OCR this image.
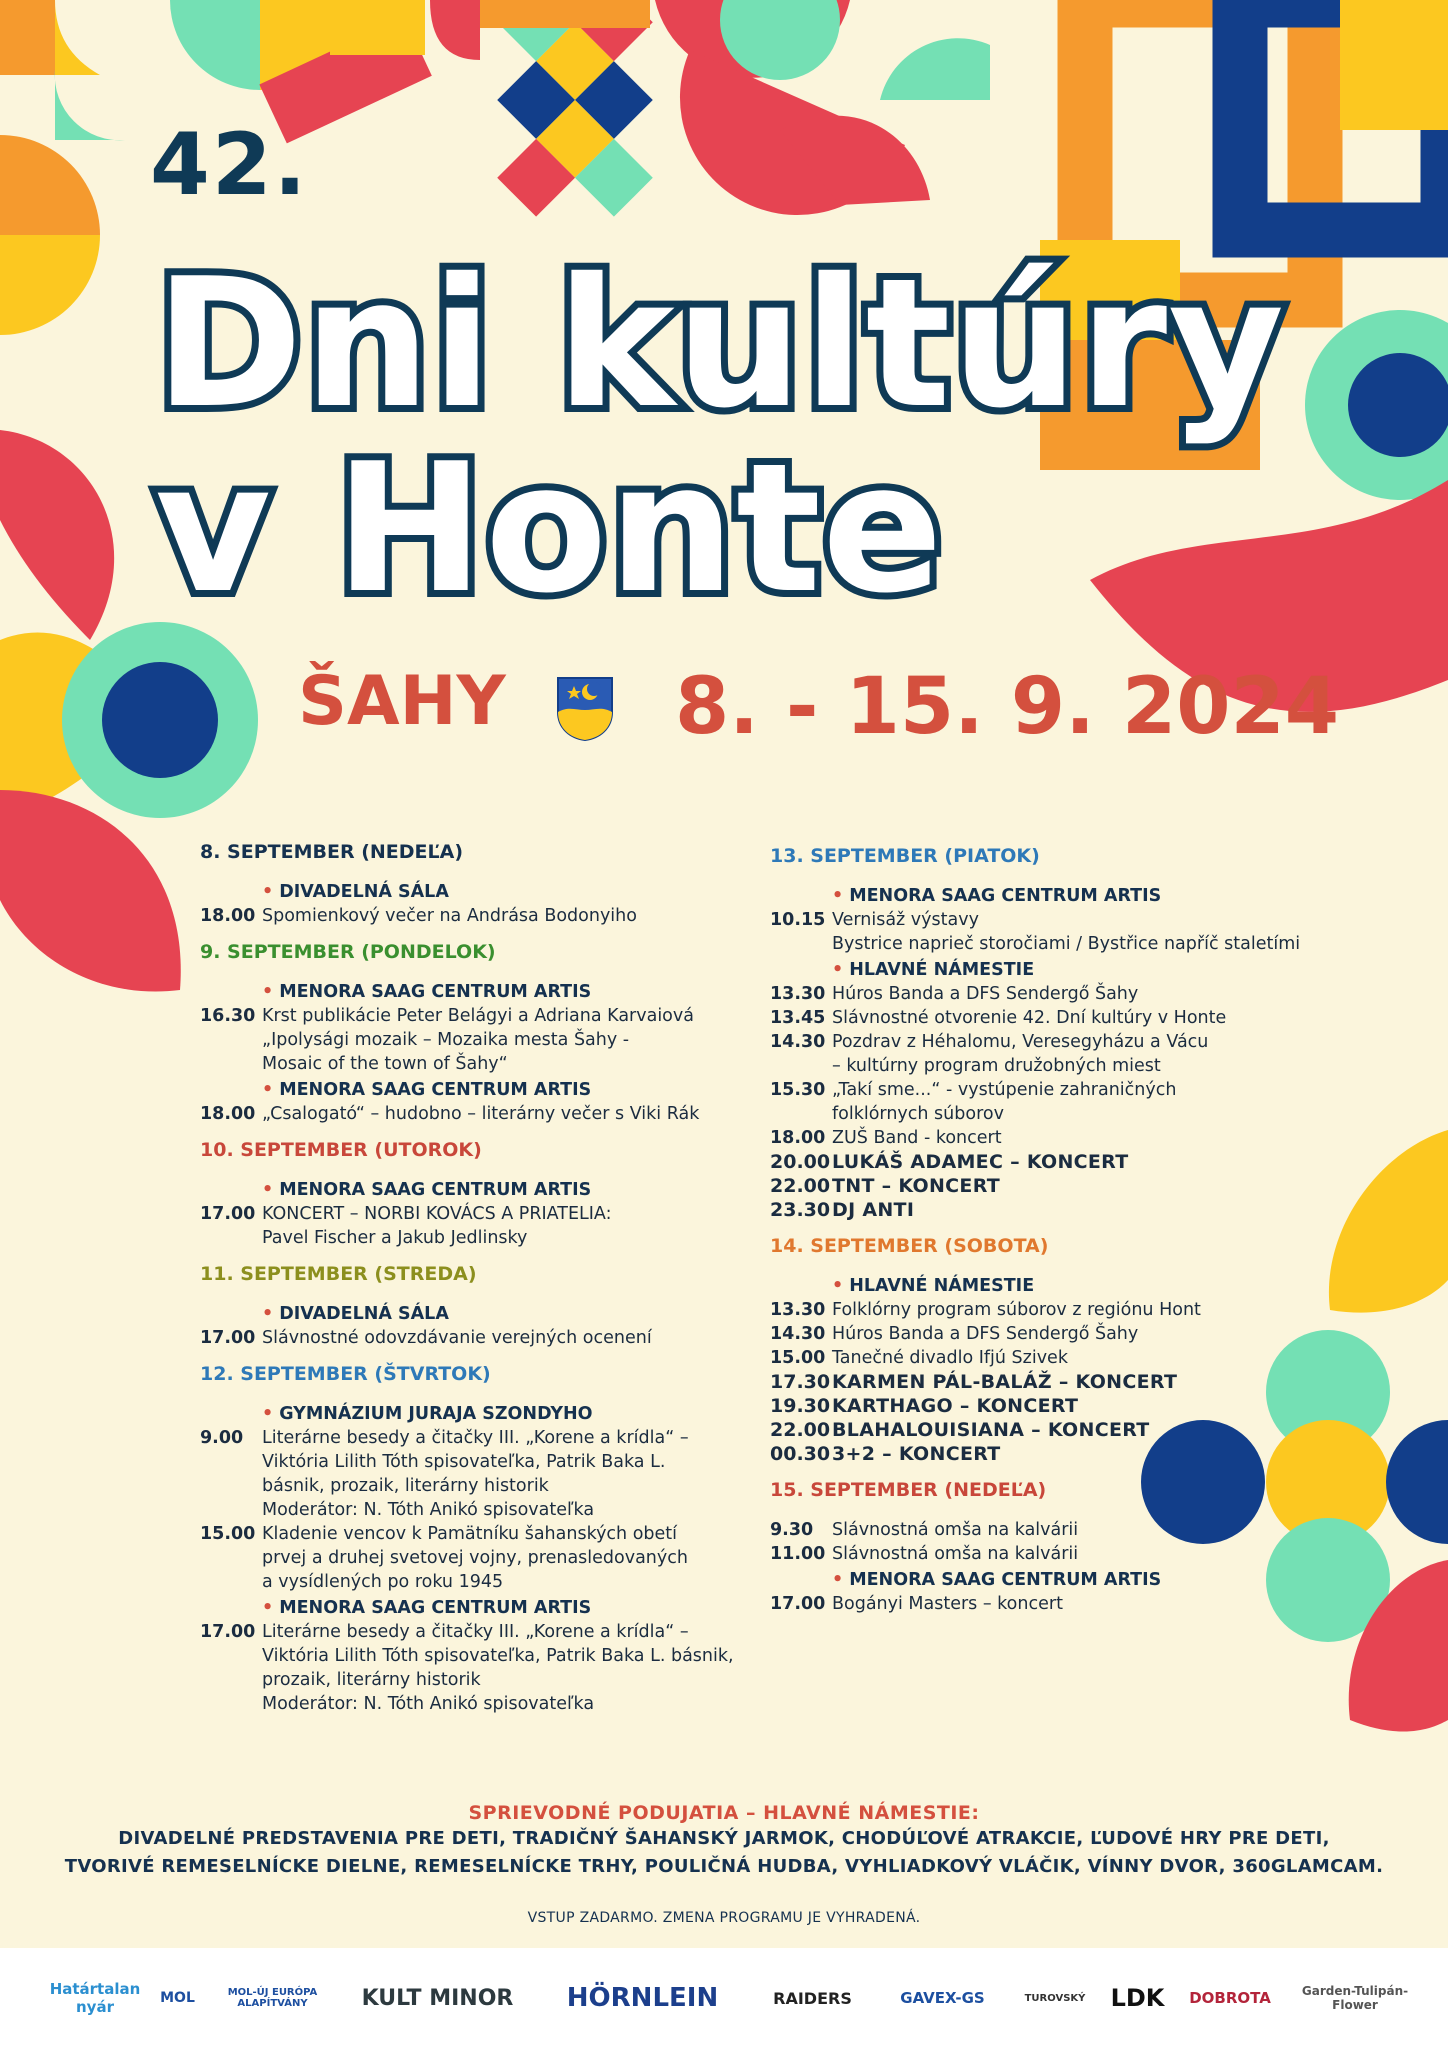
42.
Dni kultúry
v Honte
ŠAHY 8. - 15. 9. 2024
8. SEPTEMBER (NEDEĽA)
• DIVADELNÁ SÁLA
18.00 Spomienkový večer na Andrása Bodonyiho
9. SEPTEMBER (PONDELOK)
• MENORA SAAG CENTRUM ARTIS
16.30 Krst publikácie Peter Belágyi a Adriana Karvaiová
„Ipolysági mozaik – Mozaika mesta Šahy -
Mosaic of the town of Šahy“
• MENORA SAAG CENTRUM ARTIS
18.00 „Csalogató“ – hudobno – literárny večer s Viki Rák
10. SEPTEMBER (UTOROK)
• MENORA SAAG CENTRUM ARTIS
17.00 KONCERT – NORBI KOVÁCS A PRIATELIA:
Pavel Fischer a Jakub Jedlinsky
11. SEPTEMBER (STREDA)
• DIVADELNÁ SÁLA
17.00 Slávnostné odovzdávanie verejných ocenení
12. SEPTEMBER (ŠTVRTOK)
• GYMNÁZIUM JURAJA SZONDYHO
9.00	Literárne besedy a čitačky III. „Korene a krídla“ –
Viktória Lilith Tóth spisovateľka, Patrik Baka L.
básnik, prozaik, literárny historik
Moderátor: N. Tóth Anikó spisovateľka
15.00 Kladenie vencov k Pamätníku šahanských obetí
prvej a druhej svetovej vojny, prenasledovaných
a vysídlených po roku 1945
• MENORA SAAG CENTRUM ARTIS
17.00 Literárne besedy a čitačky III. „Korene a krídla“ –
Viktória Lilith Tóth spisovateľka, Patrik Baka L. básnik,
prozaik, literárny historik
Moderátor: N. Tóth Anikó spisovateľka
13. SEPTEMBER (PIATOK)
• MENORA SAAG CENTRUM ARTIS
10.15 Vernisáž výstavy
Bystrice naprieč storočiami / Bystřice napříč staletími
• HLAVNÉ NÁMESTIE
13.30 Húros Banda a DFS Sendergő Šahy
13.45 Slávnostné otvorenie 42. Dní kultúry v Honte
14.30 Pozdrav z Héhalomu, Veresegyházu a Vácu
– kultúrny program družobných miest
15.30 „Takí sme...“ - vystúpenie zahraničných
folklórnych súborov
18.00 ZUŠ Band - koncert
20.00 LUKÁŠ ADAMEC – KONCERT
22.00 TNT – KONCERT
23.30 DJ ANTI
14. SEPTEMBER (SOBOTA)
• HLAVNÉ NÁMESTIE
13.30 Folklórny program súborov z regiónu Hont
14.30 Húros Banda a DFS Sendergő Šahy
15.00 Tanečné divadlo Ifjú Szivek
17.30 KARMEN PÁL-BALÁŽ – KONCERT
19.30 KARTHAGO – KONCERT
22.00 BLAHALOUISIANA – KONCERT
00.30 3+2 – KONCERT
15. SEPTEMBER (NEDEĽA)
9.30	Slávnostná omša na kalvárii
11.00 Slávnostná omša na kalvárii
• MENORA SAAG CENTRUM ARTIS
17.00 Bogányi Masters – koncert
SPRIEVODNÉ PODUJATIA – HLAVNÉ NÁMESTIE:
DIVADELNÉ PREDSTAVENIA PRE DETI, TRADIČNÝ ŠAHANSKÝ JARMOK, CHODÚĽOVÉ ATRAKCIE, ĽUDOVÉ HRY PRE DETI,
TVORIVÉ REMESELNÍCKE DIELNE, REMESELNÍCKE TRHY, POULIČNÁ HUDBA, VYHLIADKOVÝ VLÁČIK, VÍNNY DVOR, 360GLAMCAM.
VSTUP ZADARMO. ZMENA PROGRAMU JE VYHRADENÁ.
Határtalan nyár	MOL	MOL-ÚJ EURÓPA ALAPÍTVÁNY	KULT MINOR	HÖRNLEIN	RAIDERS	GAVEX-GS	TUROVSKÝ	LDK	DOBROTA	Garden-Tulipán-Flower
